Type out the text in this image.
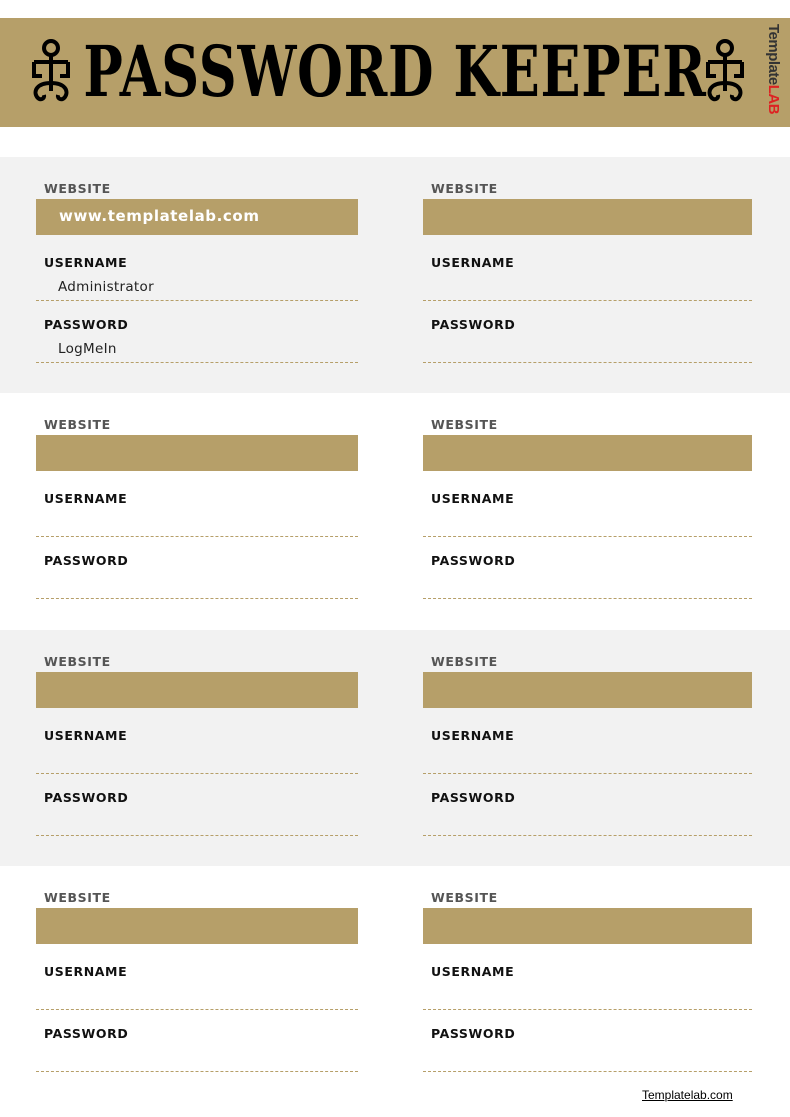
TemplateLAB
PASSWORD KEEPER
WEBSITE
www.templatelab.com
USERNAME
Administrator
PASSWORD
LogMeIn
WEBSITE
USERNAME
PASSWORD
WEBSITE
USERNAME
PASSWORD
WEBSITE
USERNAME
PASSWORD
WEBSITE
USERNAME
PASSWORD
WEBSITE
USERNAME
PASSWORD
WEBSITE
USERNAME
PASSWORD
WEBSITE
USERNAME
PASSWORD
Templatelab.com
